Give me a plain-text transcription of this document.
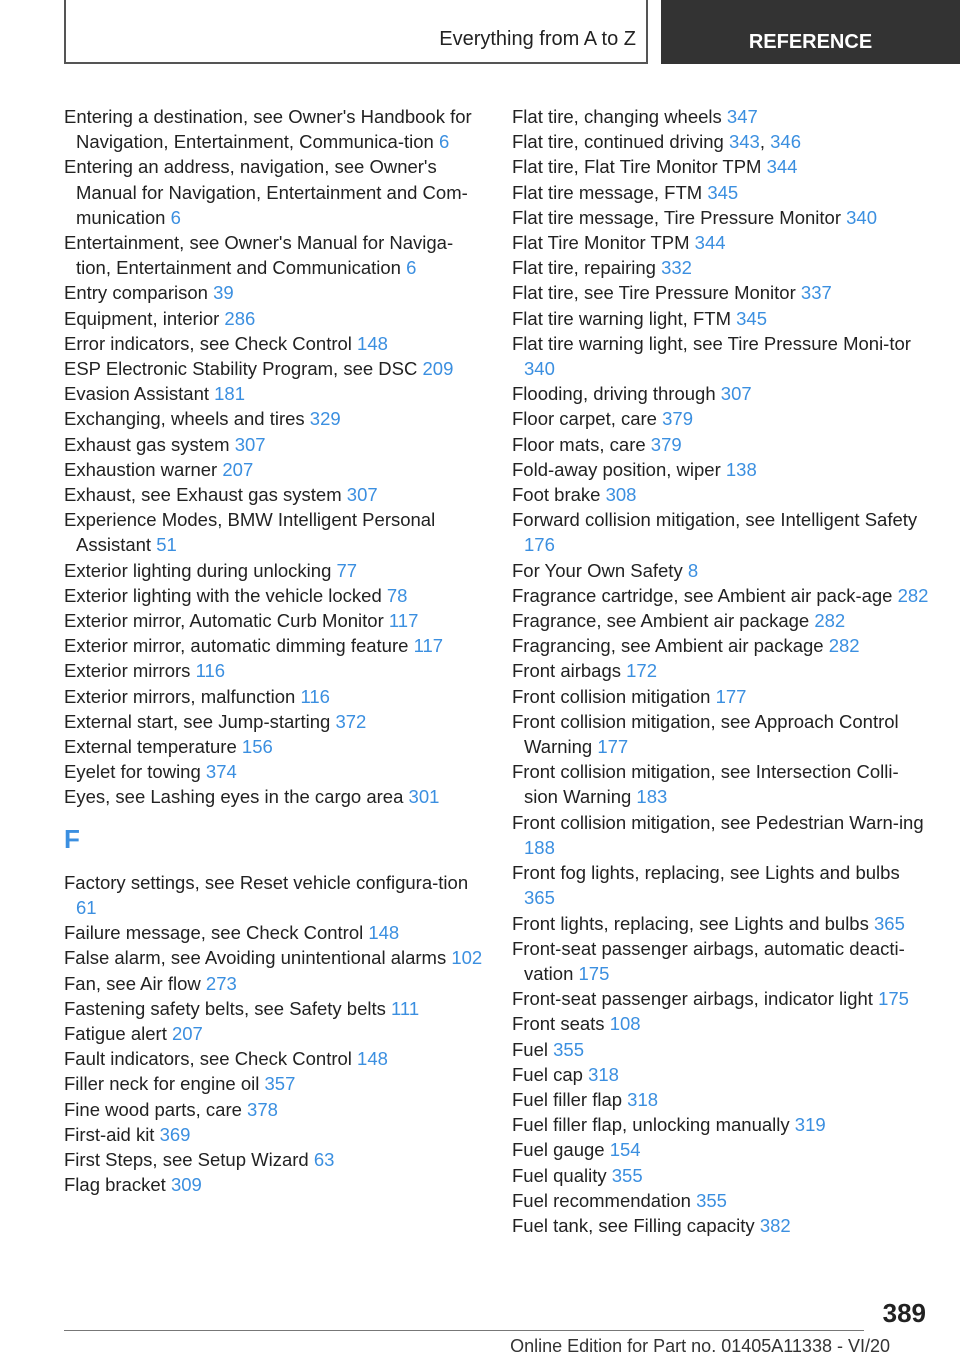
Everything from A to Z	REFERENCE

Entering a destination, see Owner's Handbook for Navigation, Entertainment, Communica-tion 6

Entering an address, navigation, see Owner's Manual for Navigation, Entertainment and Com-munication 6

Entertainment, see Owner's Manual for Naviga-tion, Entertainment and Communication 6

Entry comparison 39

Equipment, interior 286

Error indicators, see Check Control 148

ESP Electronic Stability Program, see DSC 209

Evasion Assistant 181

Exchanging, wheels and tires 329

Exhaust gas system 307

Exhaustion warner 207

Exhaust, see Exhaust gas system 307

Experience Modes, BMW Intelligent Personal Assistant 51

Exterior lighting during unlocking 77

Exterior lighting with the vehicle locked 78

Exterior mirror, Automatic Curb Monitor 117

Exterior mirror, automatic dimming feature 117

Exterior mirrors 116

Exterior mirrors, malfunction 116

External start, see Jump-starting 372

External temperature 156

Eyelet for towing 374

Eyes, see Lashing eyes in the cargo area 301

F

Factory settings, see Reset vehicle configura-tion 61

Failure message, see Check Control 148

False alarm, see Avoiding unintentional alarms 102

Fan, see Air flow 273

Fastening safety belts, see Safety belts 111

Fatigue alert 207

Fault indicators, see Check Control 148

Filler neck for engine oil 357

Fine wood parts, care 378

First-aid kit 369

First Steps, see Setup Wizard 63

Flag bracket 309

Flat tire, changing wheels 347

Flat tire, continued driving 343, 346

Flat tire, Flat Tire Monitor TPM 344

Flat tire message, FTM 345

Flat tire message, Tire Pressure Monitor 340

Flat Tire Monitor TPM 344

Flat tire, repairing 332

Flat tire, see Tire Pressure Monitor 337

Flat tire warning light, FTM 345

Flat tire warning light, see Tire Pressure Moni-tor 340

Flooding, driving through 307

Floor carpet, care 379

Floor mats, care 379

Fold-away position, wiper 138

Foot brake 308

Forward collision mitigation, see Intelligent Safety 176

For Your Own Safety 8

Fragrance cartridge, see Ambient air pack-age 282

Fragrance, see Ambient air package 282

Fragrancing, see Ambient air package 282

Front airbags 172

Front collision mitigation 177

Front collision mitigation, see Approach Control Warning 177

Front collision mitigation, see Intersection Colli-sion Warning 183

Front collision mitigation, see Pedestrian Warn-ing 188

Front fog lights, replacing, see Lights and bulbs 365

Front lights, replacing, see Lights and bulbs 365

Front-seat passenger airbags, automatic deacti-vation 175

Front-seat passenger airbags, indicator light 175

Front seats 108

Fuel 355

Fuel cap 318

Fuel filler flap 318

Fuel filler flap, unlocking manually 319

Fuel gauge 154

Fuel quality 355

Fuel recommendation 355

Fuel tank, see Filling capacity 382

389
Online Edition for Part no. 01405A11338 - VI/20
